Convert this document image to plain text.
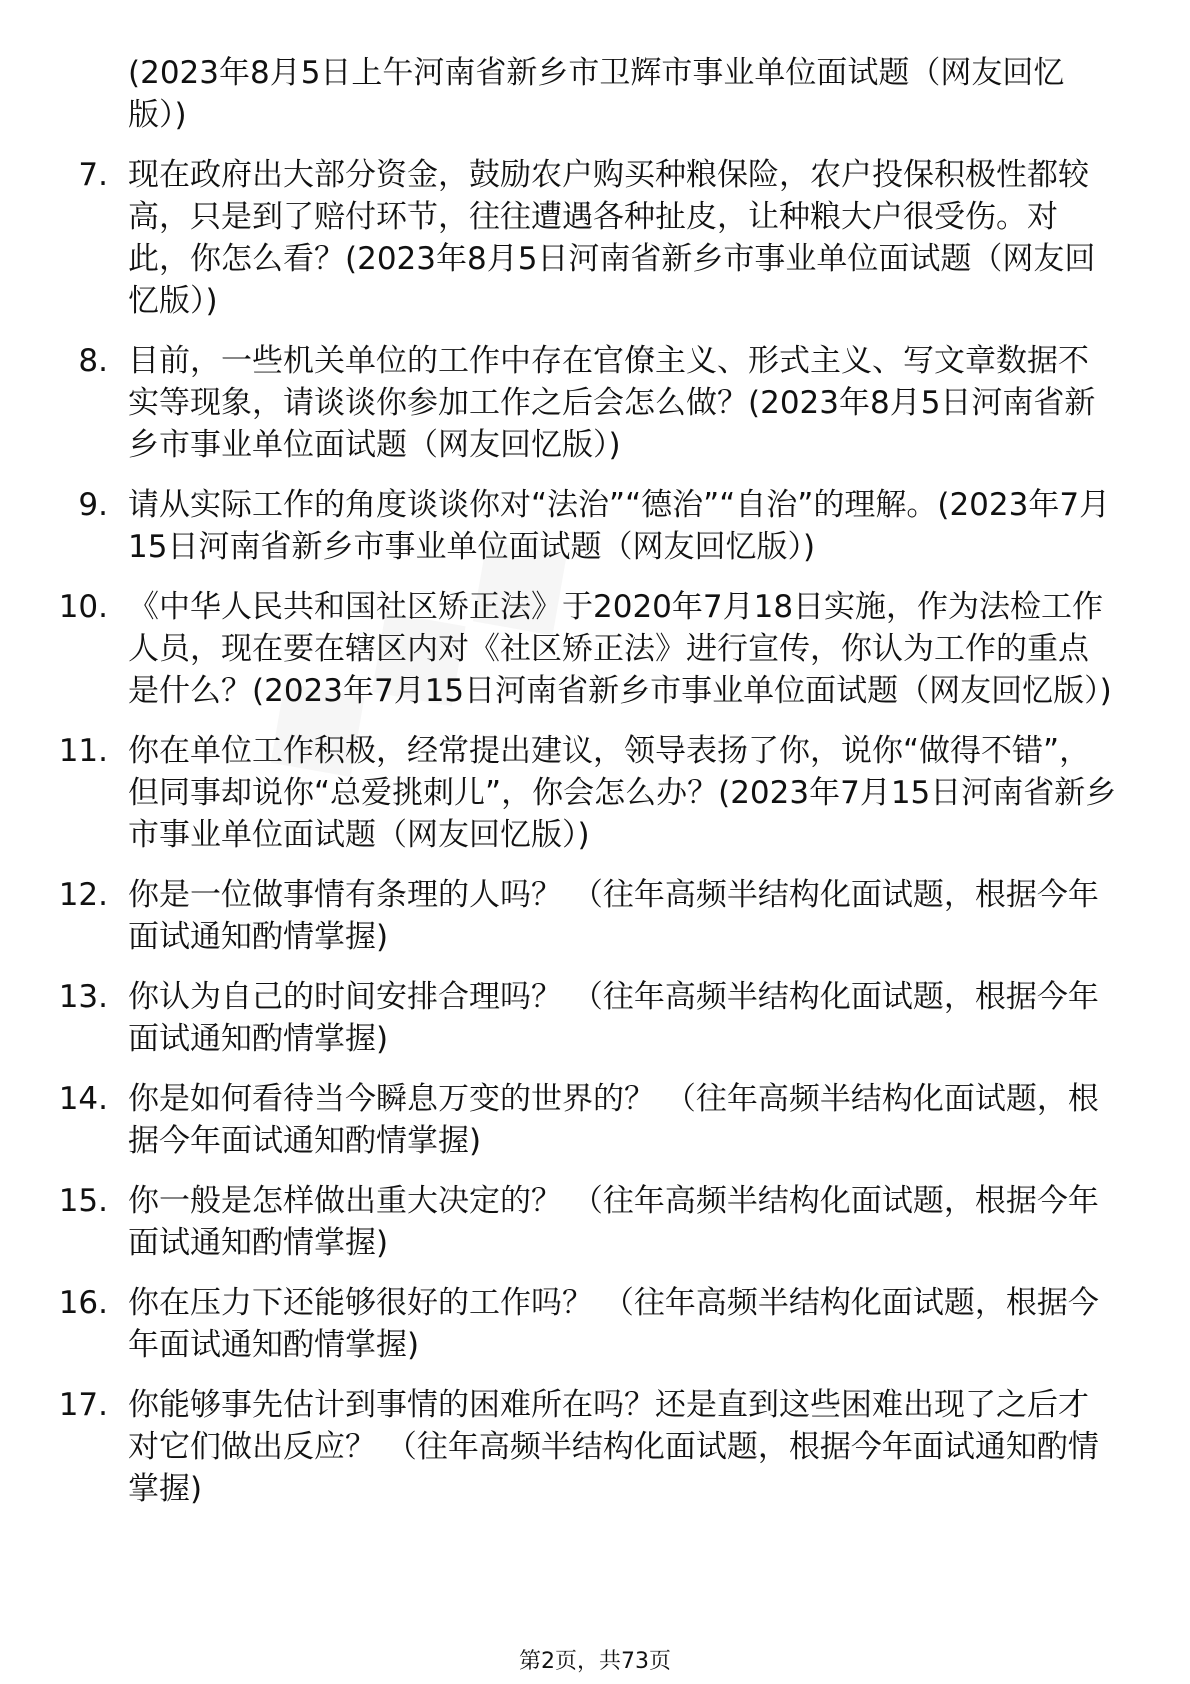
(2023年8月5日上午河南省新乡市卫辉市事业单位面试题（网友回忆版）)
7. 现在政府出大部分资金，鼓励农户购买种粮保险，农户投保积极性都较高，只是到了赔付环节，往往遭遇各种扯皮，让种粮大户很受伤。对此，你怎么看？(2023年8月5日河南省新乡市事业单位面试题（网友回忆版）)
8. 目前，一些机关单位的工作中存在官僚主义、形式主义、写文章数据不实等现象，请谈谈你参加工作之后会怎么做？(2023年8月5日河南省新乡市事业单位面试题（网友回忆版）)
9. 请从实际工作的角度谈谈你对“法治”“德治”“自治”的理解。(2023年7月15日河南省新乡市事业单位面试题（网友回忆版）)
10. 《中华人民共和国社区矫正法》于2020年7月18日实施，作为法检工作人员，现在要在辖区内对《社区矫正法》进行宣传，你认为工作的重点是什么？(2023年7月15日河南省新乡市事业单位面试题（网友回忆版）)
11. 你在单位工作积极，经常提出建议，领导表扬了你，说你“做得不错”，但同事却说你“总爱挑刺儿”，你会怎么办？(2023年7月15日河南省新乡市事业单位面试题（网友回忆版）)
12. 你是一位做事情有条理的人吗？ （往年高频半结构化面试题，根据今年面试通知酌情掌握)
13. 你认为自己的时间安排合理吗？ （往年高频半结构化面试题，根据今年面试通知酌情掌握)
14. 你是如何看待当今瞬息万变的世界的？ （往年高频半结构化面试题，根据今年面试通知酌情掌握)
15. 你一般是怎样做出重大决定的？ （往年高频半结构化面试题，根据今年面试通知酌情掌握)
16. 你在压力下还能够很好的工作吗？ （往年高频半结构化面试题，根据今年面试通知酌情掌握)
17. 你能够事先估计到事情的困难所在吗？还是直到这些困难出现了之后才对它们做出反应？ （往年高频半结构化面试题，根据今年面试通知酌情掌握)
第2页，共73页
